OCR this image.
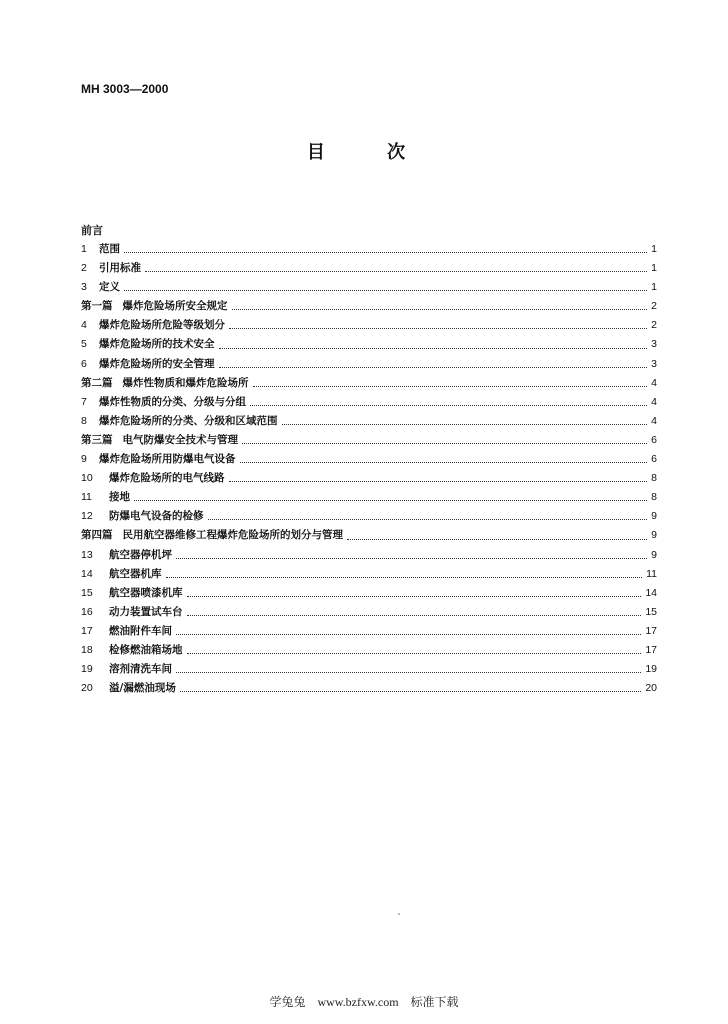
MH 3003—2000
目 次
前言
1	范围	1
2	引用标准	1
3	定义	1
第一篇 爆炸危险场所安全规定	2
4	爆炸危险场所危险等级划分	2
5	爆炸危险场所的技术安全	3
6	爆炸危险场所的安全管理	3
第二篇 爆炸性物质和爆炸危险场所	4
7	爆炸性物质的分类、分级与分组	4
8	爆炸危险场所的分类、分级和区域范围	4
第三篇 电气防爆安全技术与管理	6
9	爆炸危险场所用防爆电气设备	6
10	爆炸危险场所的电气线路	8
11	接地	8
12	防爆电气设备的检修	9
第四篇 民用航空器维修工程爆炸危险场所的划分与管理	9
13	航空器停机坪	9
14	航空器机库	11
15	航空器喷漆机库	14
16	动力装置试车台	15
17	燃油附件车间	17
18	检修燃油箱场地	17
19	溶剂清洗车间	19
20	溢/漏燃油现场	20
学兔兔 www.bzfxw.com 标准下载
